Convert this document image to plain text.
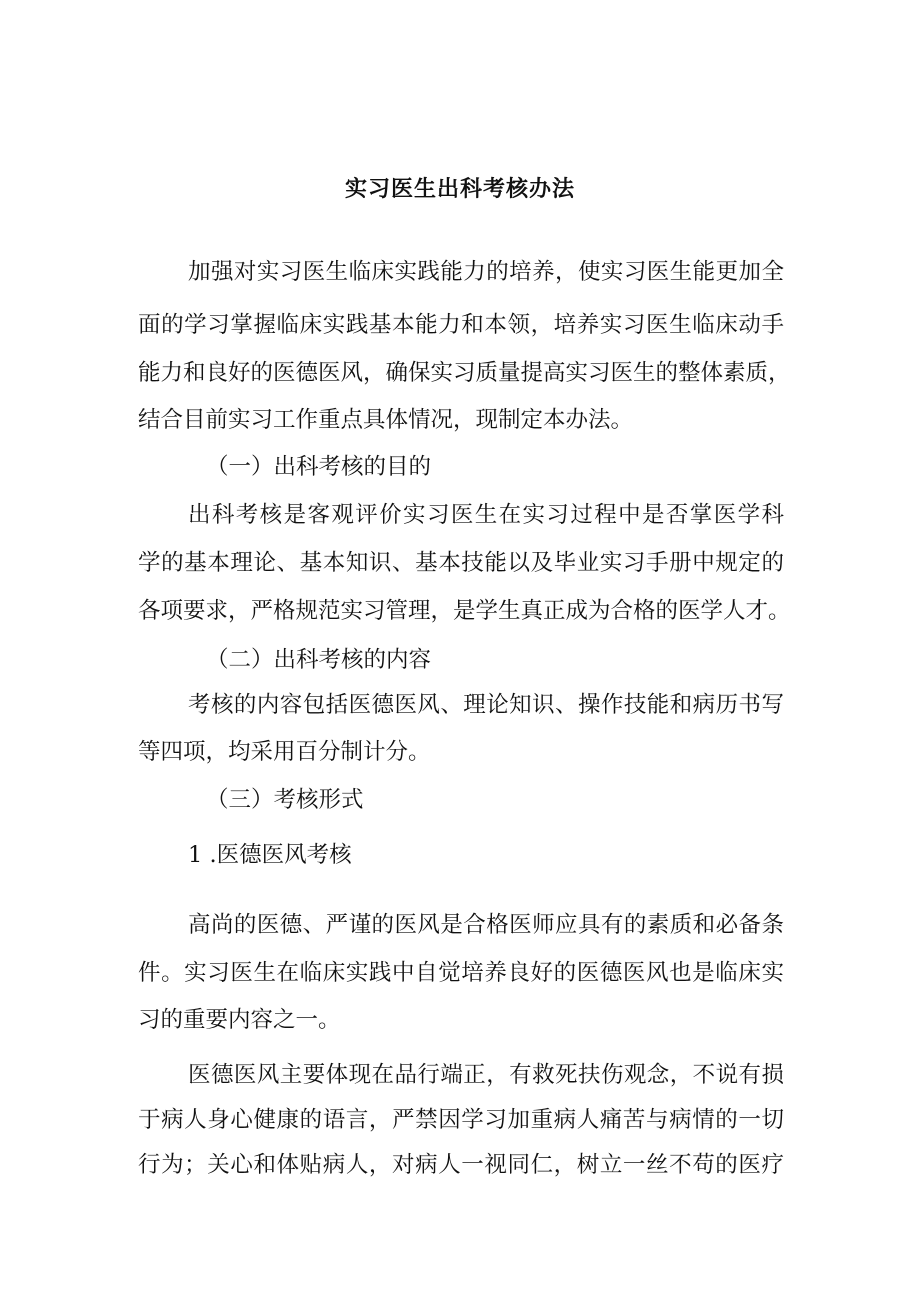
实习医生出科考核办法
加强对实习医生临床实践能力的培养，使实习医生能更加全
面的学习掌握临床实践基本能力和本领，培养实习医生临床动手
能力和良好的医德医风，确保实习质量提高实习医生的整体素质，
结合目前实习工作重点具体情况，现制定本办法。
（一）出科考核的目的
出科考核是客观评价实习医生在实习过程中是否掌医学科
学的基本理论、基本知识、基本技能以及毕业实习手册中规定的
各项要求，严格规范实习管理，是学生真正成为合格的医学人才。
（二）出科考核的内容
考核的内容包括医德医风、理论知识、操作技能和病历书写
等四项，均采用百分制计分。
（三）考核形式
1 .医德医风考核
高尚的医德、严谨的医风是合格医师应具有的素质和必备条
件。实习医生在临床实践中自觉培养良好的医德医风也是临床实
习的重要内容之一。
医德医风主要体现在品行端正，有救死扶伤观念，不说有损
于病人身心健康的语言，严禁因学习加重病人痛苦与病情的一切
行为；关心和体贴病人，对病人一视同仁，树立一丝不苟的医疗
